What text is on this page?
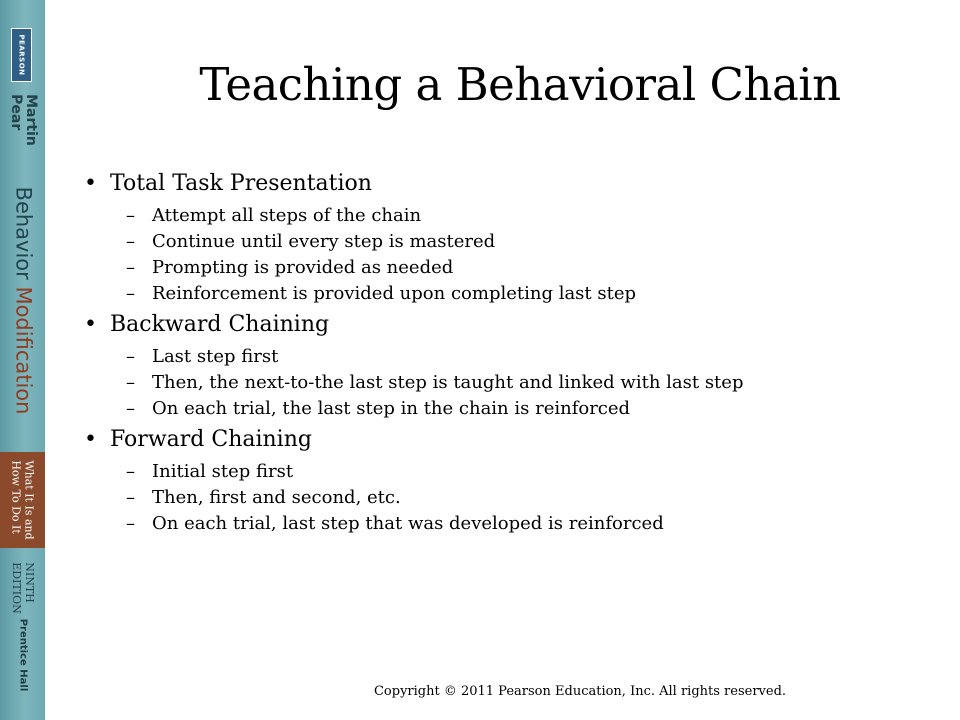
PEARSON
Martin
Pear
Behavior Modification
What It Is and
How To Do It
NINTH
EDITION
Prentice Hall
Teaching a Behavioral Chain
• Total Task Presentation
– Attempt all steps of the chain
– Continue until every step is mastered
– Prompting is provided as needed
– Reinforcement is provided upon completing last step
• Backward Chaining
– Last step first
– Then, the next-to-the last step is taught and linked with last step
– On each trial, the last step in the chain is reinforced
• Forward Chaining
– Initial step first
– Then, first and second, etc.
– On each trial, last step that was developed is reinforced
Copyright © 2011 Pearson Education, Inc. All rights reserved.
